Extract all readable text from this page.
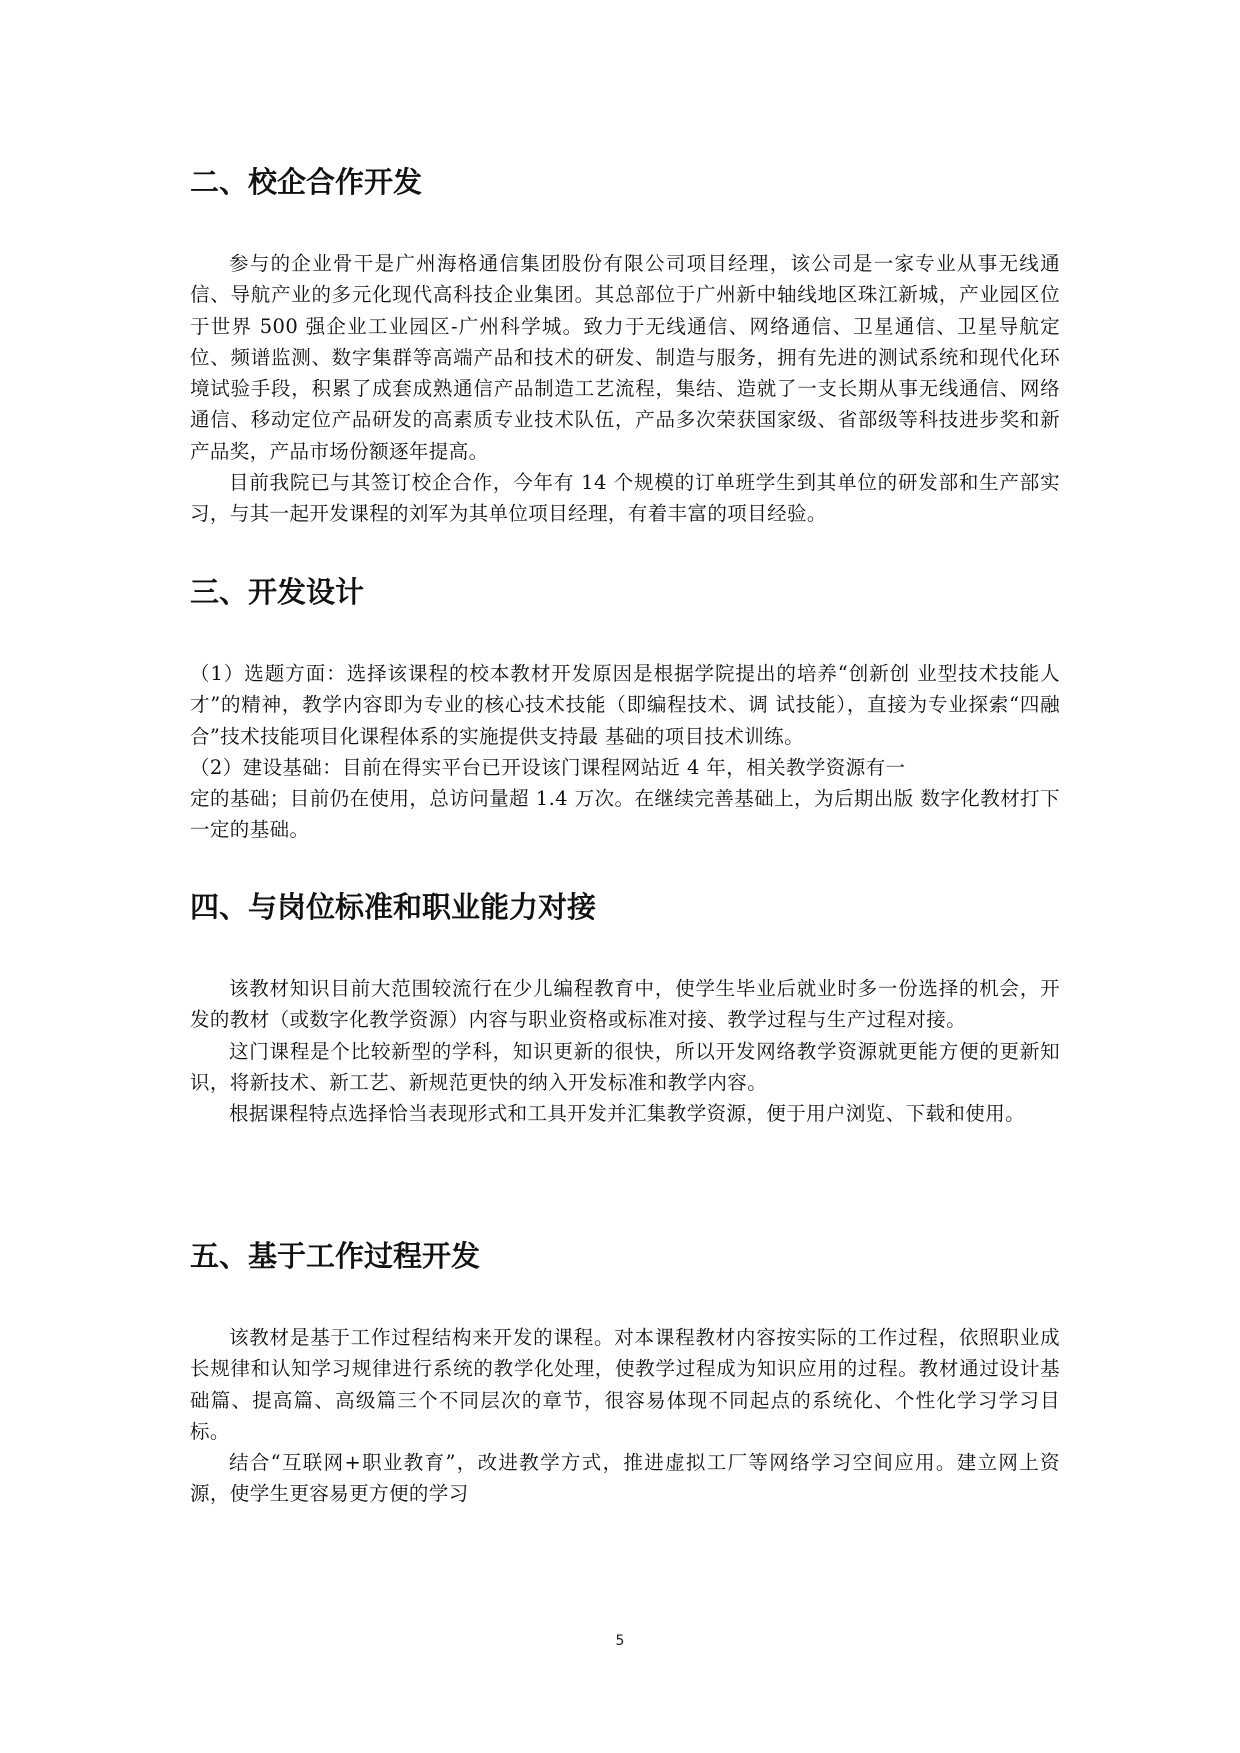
二、校企合作开发

参与的企业骨干是广州海格通信集团股份有限公司项目经理，该公司是一家专业从事无线通信、导航产业的多元化现代高科技企业集团。其总部位于广州新中轴线地区珠江新城，产业园区位于世界 500 强企业工业园区-广州科学城。致力于无线通信、网络通信、卫星通信、卫星导航定位、频谱监测、数字集群等高端产品和技术的研发、制造与服务，拥有先进的测试系统和现代化环境试验手段，积累了成套成熟通信产品制造工艺流程，集结、造就了一支长期从事无线通信、网络通信、移动定位产品研发的高素质专业技术队伍，产品多次荣获国家级、省部级等科技进步奖和新产品奖，产品市场份额逐年提高。

目前我院已与其签订校企合作，今年有 14 个规模的订单班学生到其单位的研发部和生产部实习，与其一起开发课程的刘军为其单位项目经理，有着丰富的项目经验。

三、开发设计

（1）选题方面：选择该课程的校本教材开发原因是根据学院提出的培养“创新创 业型技术技能人才”的精神，教学内容即为专业的核心技术技能（即编程技术、调 试技能），直接为专业探索“四融合”技术技能项目化课程体系的实施提供支持最 基础的项目技术训练。

（2）建设基础：目前在得实平台已开设该门课程网站近 4 年，相关教学资源有一

定的基础；目前仍在使用，总访问量超 1.4 万次。在继续完善基础上，为后期出版 数字化教材打下一定的基础。

四、与岗位标准和职业能力对接

该教材知识目前大范围较流行在少儿编程教育中，使学生毕业后就业时多一份选择的机会，开发的教材（或数字化教学资源）内容与职业资格或标准对接、教学过程与生产过程对接。

这门课程是个比较新型的学科，知识更新的很快，所以开发网络教学资源就更能方便的更新知识，将新技术、新工艺、新规范更快的纳入开发标准和教学内容。

根据课程特点选择恰当表现形式和工具开发并汇集教学资源，便于用户浏览、下载和使用。

五、基于工作过程开发

该教材是基于工作过程结构来开发的课程。对本课程教材内容按实际的工作过程，依照职业成长规律和认知学习规律进行系统的教学化处理，使教学过程成为知识应用的过程。教材通过设计基础篇、提高篇、高级篇三个不同层次的章节，很容易体现不同起点的系统化、个性化学习学习目标。

结合“互联网+职业教育”，改进教学方式，推进虚拟工厂等网络学习空间应用。建立网上资源，使学生更容易更方便的学习

5
